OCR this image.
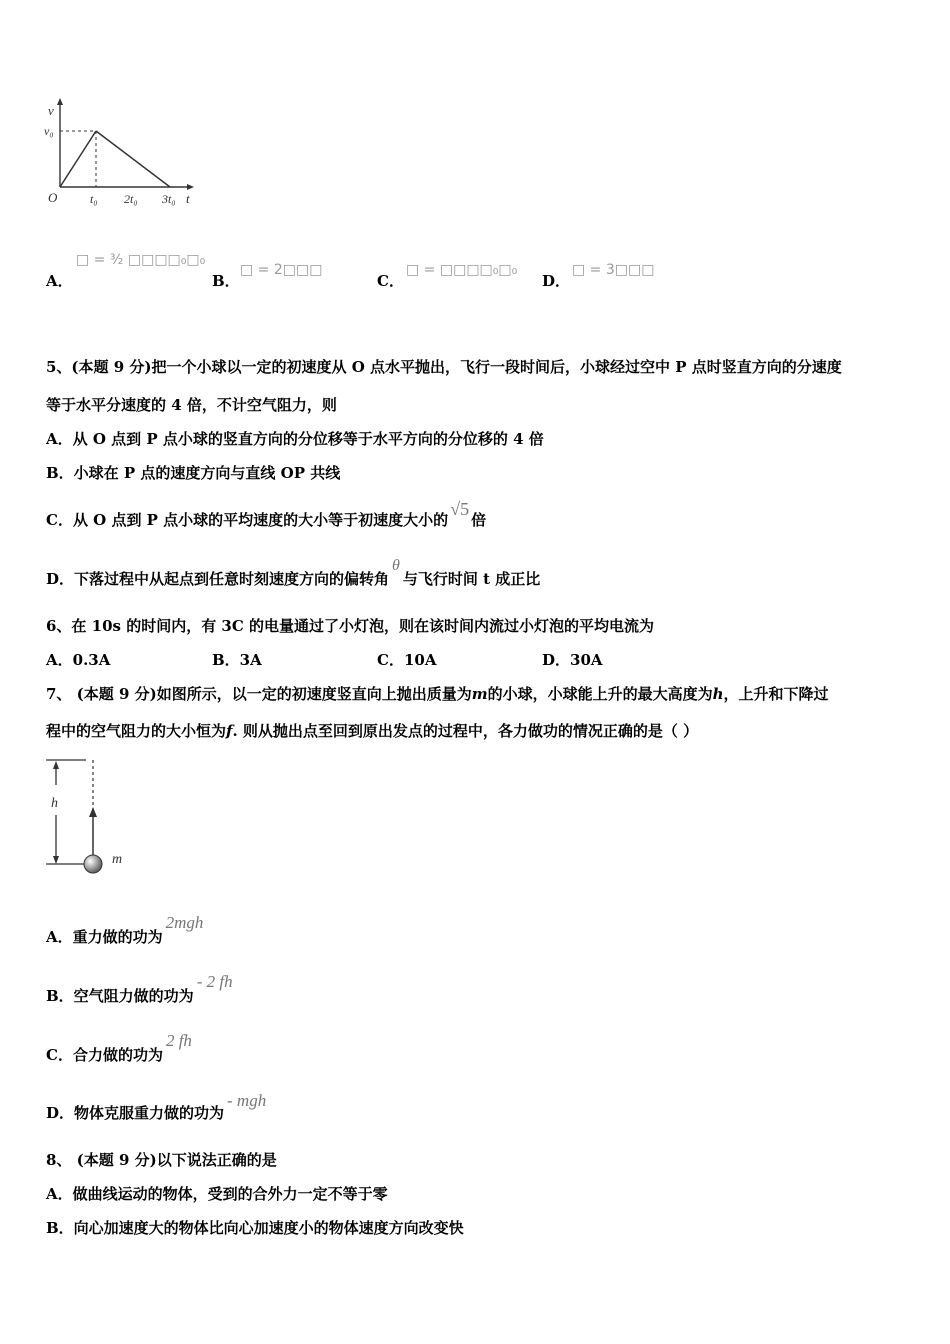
v
v₀
O	t₀ 2t₀ 3t₀ t
A．
□ = ³⁄₂ □□□□₀□₀
B．
□ = 2□□□
C．
□ = □□□□₀□₀
D．
□ = 3□□□
5、(本题 9 分)把一个小球以一定的初速度从 O 点水平抛出，飞行一段时间后，小球经过空中 P 点时竖直方向的分速度
等于水平分速度的 4 倍，不计空气阻力，则
A．从 O 点到 P 点小球的竖直方向的分位移等于水平方向的分位移的 4 倍
B．小球在 P 点的速度方向与直线 OP 共线
C．从 O 点到 P 点小球的平均速度的大小等于初速度大小的√5倍
D．下落过程中从起点到任意时刻速度方向的偏转角θ与飞行时间 t 成正比
6、在 10s 的时间内，有 3C 的电量通过了小灯泡，则在该时间内流过小灯泡的平均电流为
A．0.3A	B．3A	C．10A	D．30A
7、 (本题 9 分)如图所示，以一定的初速度竖直向上抛出质量为m的小球，小球能上升的最大高度为h，上升和下降过
程中的空气阻力的大小恒为f. 则从抛出点至回到原出发点的过程中，各力做功的情况正确的是（ ）
h
m
A．重力做的功为2mgh
B．空气阻力做的功为- 2 fh
C．合力做的功为2 fh
D．物体克服重力做的功为- mgh
8、 (本题 9 分)以下说法正确的是
A．做曲线运动的物体，受到的合外力一定不等于零
B．向心加速度大的物体比向心加速度小的物体速度方向改变快
